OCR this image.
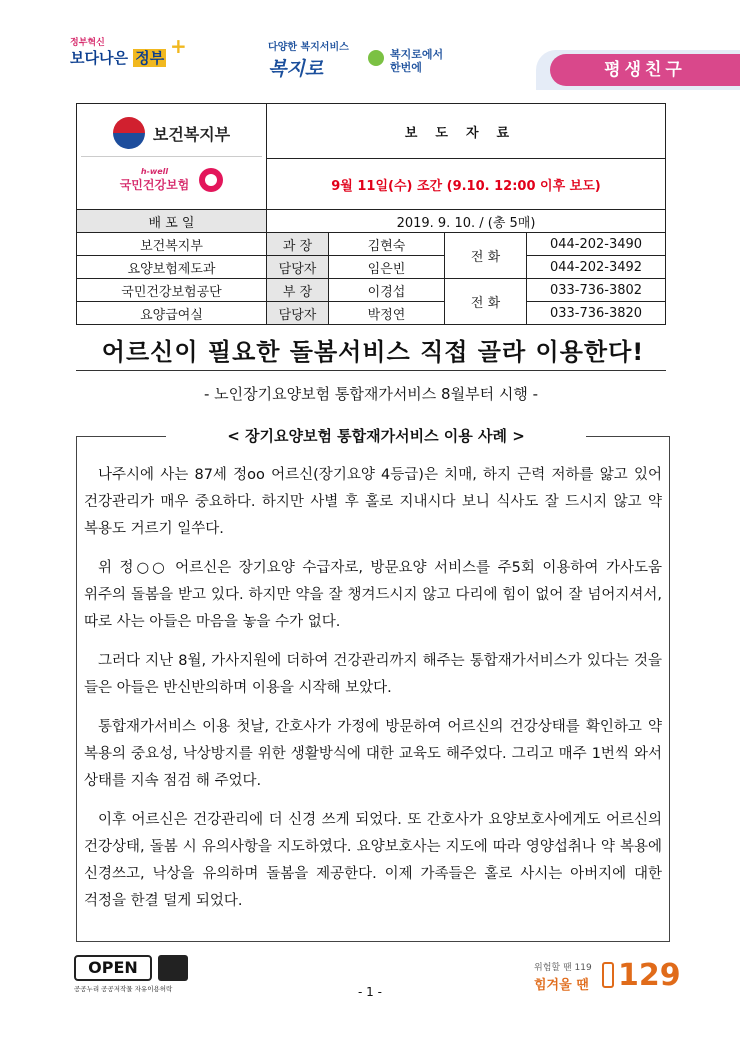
정부혁신
보다나은 정부 +	다양한 복지서비스
복지로
복지로에서
한번에	평생친구
보건복지부
h-well
국민건강보험	보도자료			
	9월 11일(수) 조간 (9.10. 12:00 이후 보도)			
배 포 일	2019. 9. 10. / (총 5매)			
보건복지부	과 장	김현숙	전 화	044-202-3490
요양보험제도과	담당자	임은빈		044-202-3492
국민건강보험공단	부 장	이경섭	전 화	033-736-3802
요양급여실	담당자	박정연		033-736-3820
어르신이 필요한 돌봄서비스 직접 골라 이용한다!
- 노인장기요양보험 통합재가서비스 8월부터 시행 -
< 장기요양보험 통합재가서비스 이용 사례 >

나주시에 사는 87세 정oo 어르신(장기요양 4등급)은 치매, 하지 근력 저하를 앓고 있어 건강관리가 매우 중요하다. 하지만 사별 후 홀로 지내시다 보니 식사도 잘 드시지 않고 약 복용도 거르기 일쑤다.

위 정○○ 어르신은 장기요양 수급자로, 방문요양 서비스를 주5회 이용하여 가사도움 위주의 돌봄을 받고 있다. 하지만 약을 잘 챙겨드시지 않고 다리에 힘이 없어 잘 넘어지셔서, 따로 사는 아들은 마음을 놓을 수가 없다.

그러다 지난 8월, 가사지원에 더하여 건강관리까지 해주는 통합재가서비스가 있다는 것을 들은 아들은 반신반의하며 이용을 시작해 보았다.

통합재가서비스 이용 첫날, 간호사가 가정에 방문하여 어르신의 건강상태를 확인하고 약 복용의 중요성, 낙상방지를 위한 생활방식에 대한 교육도 해주었다. 그리고 매주 1번씩 와서 상태를 지속 점검 해 주었다.

이후 어르신은 건강관리에 더 신경 쓰게 되었다. 또 간호사가 요양보호사에게도 어르신의 건강상태, 돌봄 시 유의사항을 지도하였다. 요양보호사는 지도에 따라 영양섭취나 약 복용에 신경쓰고, 낙상을 유의하며 돌봄을 제공한다. 이제 가족들은 홀로 사시는 아버지에 대한 걱정을 한결 덜게 되었다.

OPEN
공공누리 공공저작물 자유이용허락	- 1 -
위험할 땐 119
힘겨울 땐 129
